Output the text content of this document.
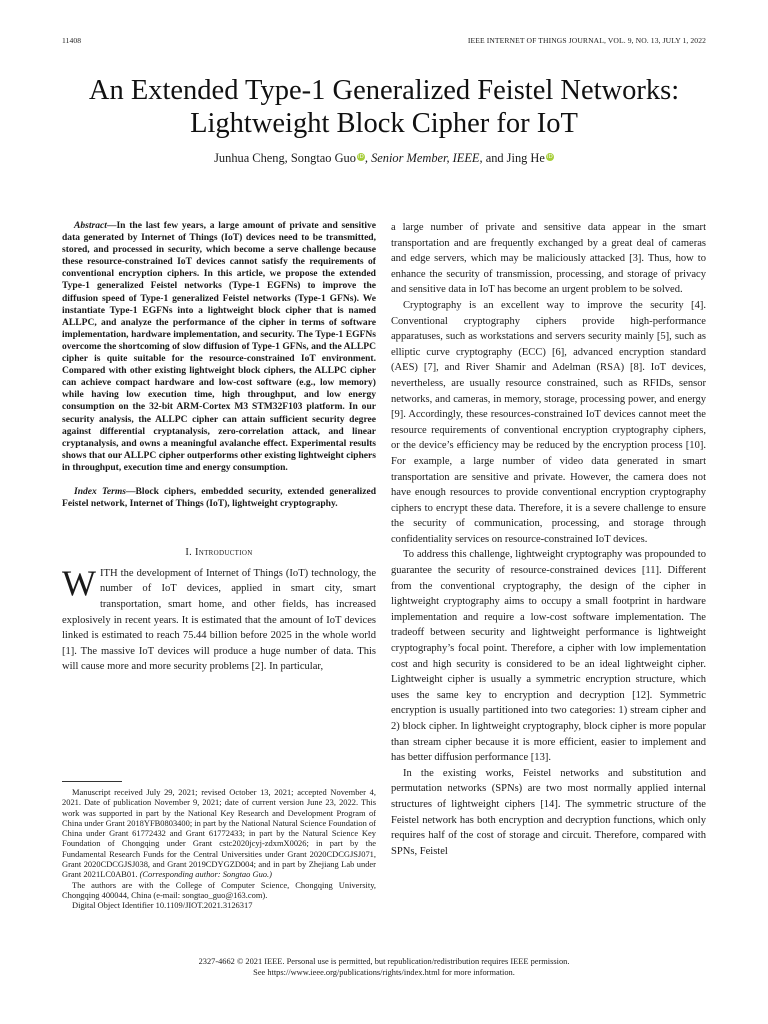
11408	IEEE INTERNET OF THINGS JOURNAL, VOL. 9, NO. 13, JULY 1, 2022
An Extended Type-1 Generalized Feistel Networks:
Lightweight Block Cipher for IoT
Junhua Cheng, Songtao Guo iD, Senior Member, IEEE, and Jing He iD

Abstract—In the last few years, a large amount of private and sensitive data generated by Internet of Things (IoT) devices need to be transmitted, stored, and processed in security, which become a serve challenge because these resource-constrained IoT devices cannot satisfy the requirements of conventional encryption ciphers. In this article, we propose the extended Type-1 generalized Feistel networks (Type-1 EGFNs) to improve the diffusion speed of Type-1 generalized Feistel networks (Type-1 GFNs). We instantiate Type-1 EGFNs into a lightweight block cipher that is named ALLPC, and analyze the performance of the cipher in terms of software implementation, hardware implementation, and security. The Type-1 EGFNs overcome the shortcoming of slow diffusion of Type-1 GFNs, and the ALLPC cipher is quite suitable for the resource-constrained IoT environment. Compared with other existing lightweight block ciphers, the ALLPC cipher can achieve compact hardware and low-cost software (e.g., low memory) while having low execution time, high throughput, and low energy consumption on the 32-bit ARM-Cortex M3 STM32F103 platform. In our security analysis, the ALLPC cipher can attain sufficient security degree against differential cryptanalysis, zero-correlation attack, and linear cryptanalysis, and owns a meaningful avalanche effect. Experimental results shows that our ALLPC cipher outperforms other existing lightweight ciphers in throughput, execution time and energy consumption.

Index Terms—Block ciphers, embedded security, extended generalized Feistel network, Internet of Things (IoT), lightweight cryptography.

I. Introduction

WITH the development of Internet of Things (IoT) technology, the number of IoT devices, applied in smart city, smart transportation, smart home, and other fields, has increased explosively in recent years. It is estimated that the amount of IoT devices linked is estimated to reach 75.44 billion before 2025 in the whole world [1]. The massive IoT devices will produce a huge number of data. This will cause more and more security problems [2]. In particular,

Manuscript received July 29, 2021; revised October 13, 2021; accepted November 4, 2021. Date of publication November 9, 2021; date of current version June 23, 2022. This work was supported in part by the National Key Research and Development Program of China under Grant 2018YFB0803400; in part by the National Natural Science Foundation of China under Grant 61772432 and Grant 61772433; in part by the Natural Science Key Foundation of Chongqing under Grant cstc2020jcyj-zdxmX0026; in part by the Fundamental Research Funds for the Central Universities under Grant 2020CDCGJSJ071, Grant 2020CDCGJSJ038, and Grant 2019CDYGZD004; and in part by Zhejiang Lab under Grant 2021LC0AB01. (Corresponding author: Songtao Guo.)

The authors are with the College of Computer Science, Chongqing University, Chongqing 400044, China (e-mail: songtao_guo@163.com).

Digital Object Identifier 10.1109/JIOT.2021.3126317

a large number of private and sensitive data appear in the smart transportation and are frequently exchanged by a great deal of cameras and edge servers, which may be maliciously attacked [3]. Thus, how to enhance the security of transmission, processing, and storage of privacy and sensitive data in IoT has become an urgent problem to be solved.

Cryptography is an excellent way to improve the security [4]. Conventional cryptography ciphers provide high-performance apparatuses, such as workstations and servers security mainly [5], such as elliptic curve cryptography (ECC) [6], advanced encryption standard (AES) [7], and River Shamir and Adelman (RSA) [8]. IoT devices, nevertheless, are usually resource constrained, such as RFIDs, sensor networks, and cameras, in memory, storage, processing power, and energy [9]. Accordingly, these resources-constrained IoT devices cannot meet the resource requirements of conventional encryption cryptography ciphers, or the device’s efficiency may be reduced by the encryption process [10]. For example, a large number of video data generated in smart transportation are sensitive and private. However, the camera does not have enough resources to provide conventional encryption cryptography ciphers to encrypt these data. Therefore, it is a severe challenge to ensure the security of communication, processing, and storage through confidentiality services on resource-constrained IoT devices.

To address this challenge, lightweight cryptography was propounded to guarantee the security of resource-constrained devices [11]. Different from the conventional cryptography, the design of the cipher in lightweight cryptography aims to occupy a small footprint in hardware implementation and require a low-cost software implementation. The tradeoff between security and lightweight performance is lightweight cryptography’s focal point. Therefore, a cipher with low implementation cost and high security is considered to be an ideal lightweight cipher. Lightweight cipher is usually a symmetric encryption structure, which uses the same key to encryption and decryption [12]. Symmetric encryption is usually partitioned into two categories: 1) stream cipher and 2) block cipher. In lightweight cryptography, block cipher is more popular than stream cipher because it is more efficient, easier to implement and has better diffusion performance [13].

In the existing works, Feistel networks and substitution and permutation networks (SPNs) are two most normally applied internal structures of lightweight ciphers [14]. The symmetric structure of the Feistel network has both encryption and decryption functions, which only requires half of the cost of storage and circuit. Therefore, compared with SPNs, Feistel

2327-4662 © 2021 IEEE. Personal use is permitted, but republication/redistribution requires IEEE permission.

See https://www.ieee.org/publications/rights/index.html for more information.
